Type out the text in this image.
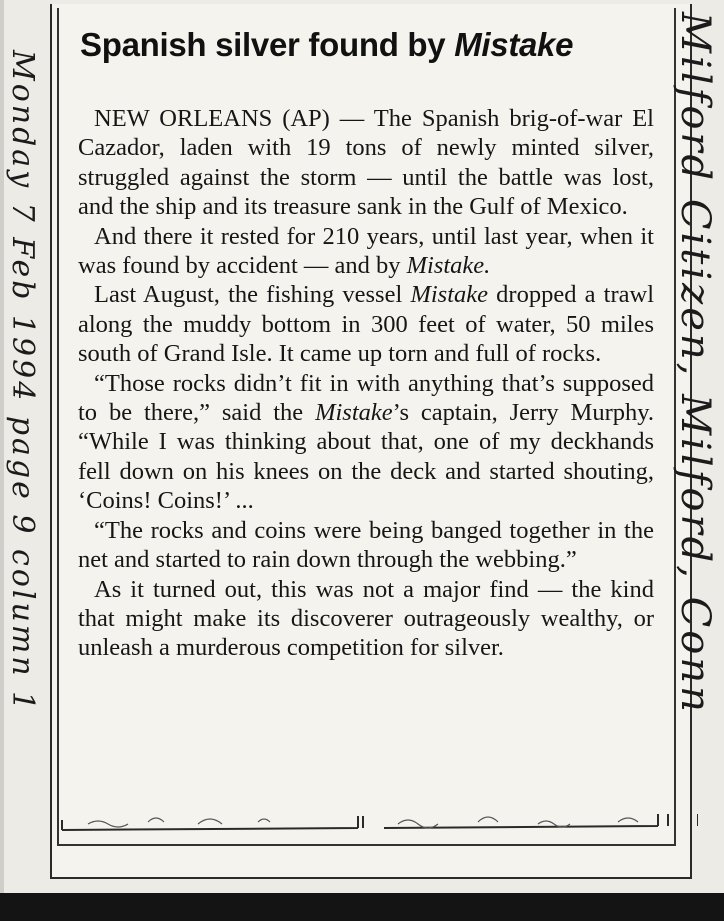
Spanish silver found by Mistake

NEW ORLEANS (AP) — The Spanish brig-of-war El Cazador, laden with 19 tons of newly minted silver, struggled against the storm — until the battle was lost, and the ship and its treasure sank in the Gulf of Mexico.

And there it rested for 210 years, until last year, when it was found by accident — and by Mistake.

Last August, the fishing vessel Mistake dropped a trawl along the muddy bottom in 300 feet of water, 50 miles south of Grand Isle. It came up torn and full of rocks.

“Those rocks didn’t fit in with anything that’s supposed to be there,” said the Mistake’s captain, Jerry Murphy. “While I was thinking about that, one of my deckhands fell down on his knees on the deck and started shouting, ‘Coins! Coins!’ ...

“The rocks and coins were being banged together in the net and started to rain down through the webbing.”

As it turned out, this was not a major find — the kind that might make its discoverer outrageously wealthy, or unleash a murderous competition for silver.

Monday 7 Feb 1994 page 9 column 1	Milford Citizen, Milford, Conn
